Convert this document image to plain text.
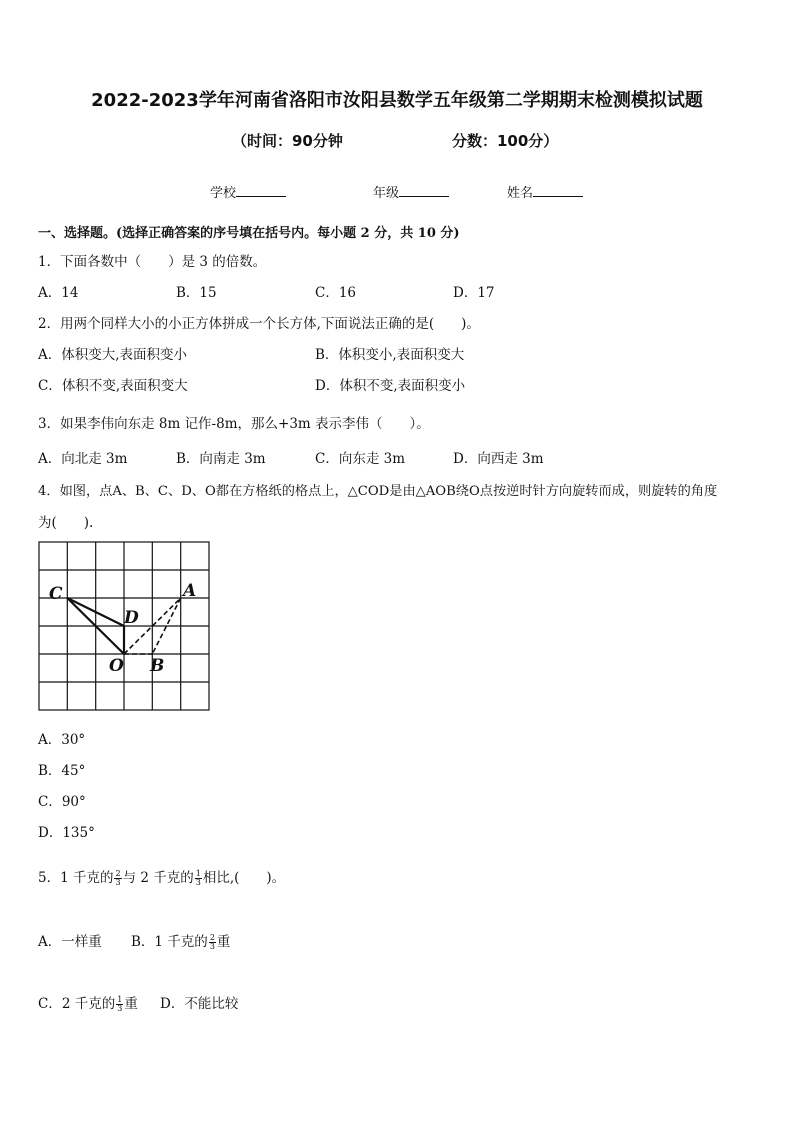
2022-2023学年河南省洛阳市汝阳县数学五年级第二学期期末检测模拟试题
（时间：90分钟	分数：100分）
学校	年级	姓名
一、选择题。(选择正确答案的序号填在括号内。每小题 2 分，共 10 分)
1．下面各数中（　　）是 3 的倍数。
A．14	B．15	C．16	D．17
2．用两个同样大小的小正方体拼成一个长方体,下面说法正确的是(　　)。
A．体积变大,表面积变小	B．体积变小,表面积变大
C．体积不变,表面积变大	D．体积不变,表面积变小
3．如果李伟向东走 8m 记作-8m，那么+3m 表示李伟（　　）。
A．向北走 3m	B．向南走 3m	C．向东走 3m	D．向西走 3m
4．如图，点A、B、C、D、O都在方格纸的格点上，△COD是由△AOB绕O点按逆时针方向旋转而成，则旋转的角度
为(　　).
C
D
A
O B
A．30°
B．45°
C．90°
D．135°
5．1 千克的 $\frac{2}{3}$ 与 2 千克的 $\frac{1}{3}$ 相比,(　　)。
A．一样重 B．1 千克的 $\frac{2}{3}$ 重
C．2 千克的 $\frac{1}{3}$ 重 D．不能比较
